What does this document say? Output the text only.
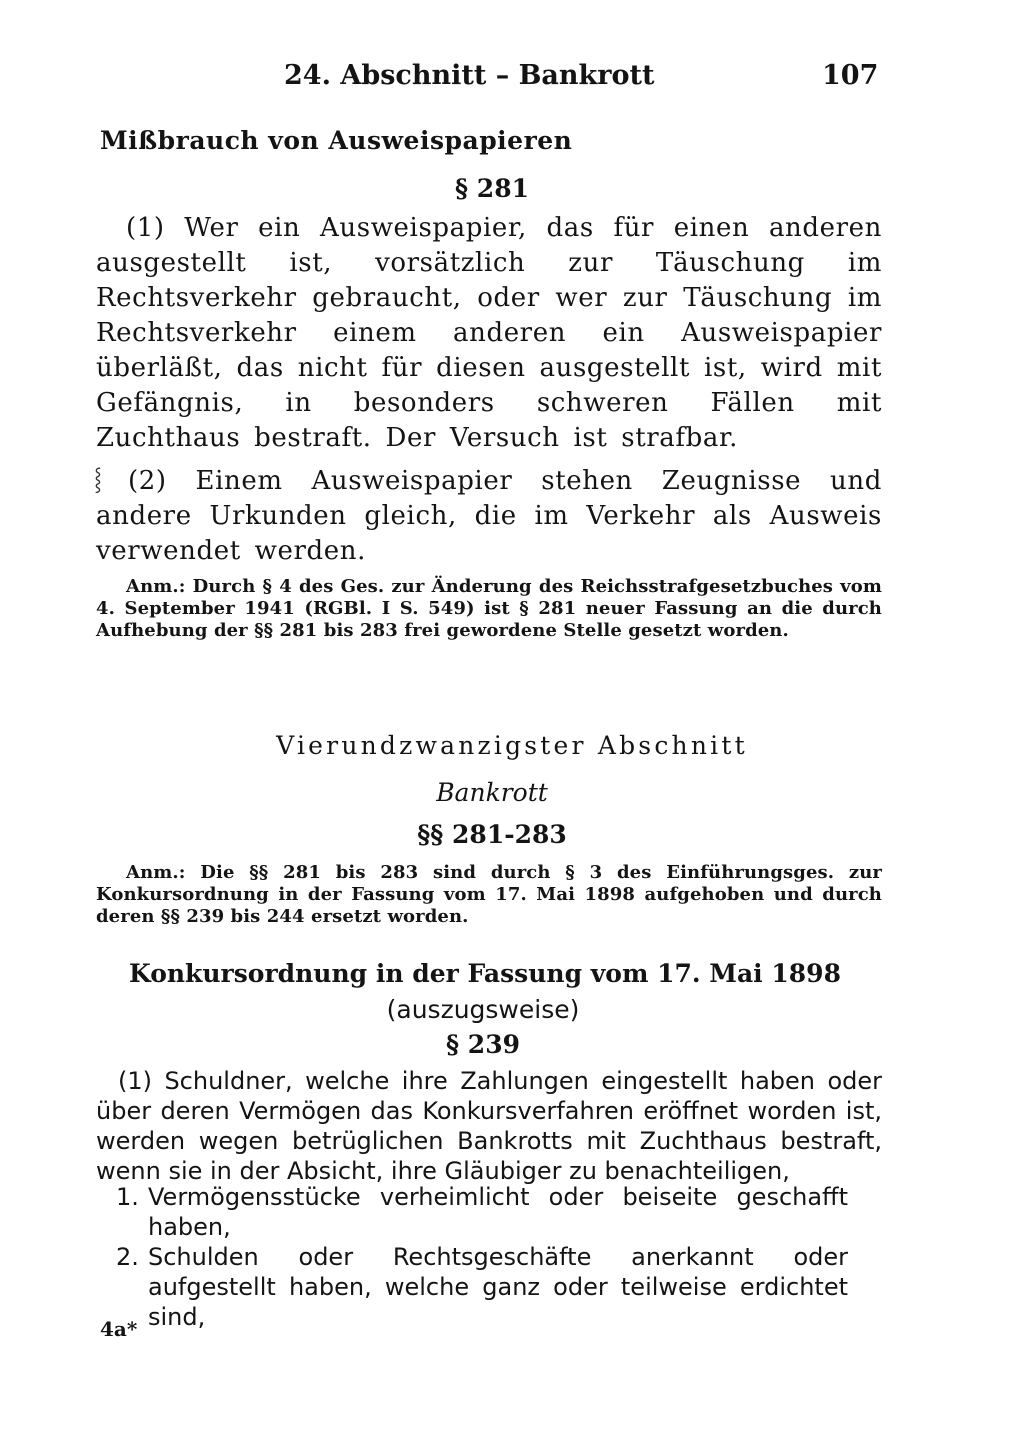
24. Abschnitt – Bankrott	107
Mißbrauch von Ausweispapieren
§ 281
(1) Wer ein Ausweispapier, das für einen anderen ausgestellt ist, vorsätzlich zur Täuschung im Rechtsverkehr gebraucht, oder wer zur Täuschung im Rechtsverkehr einem anderen ein Ausweispapier überläßt, das nicht für diesen ausgestellt ist, wird mit Gefängnis, in besonders schweren Fällen mit Zuchthaus bestraft. Der Versuch ist strafbar.
⸾	(2) Einem Ausweispapier stehen Zeugnisse und andere Urkunden gleich, die im Verkehr als Ausweis verwendet werden.
Anm.: Durch § 4 des Ges. zur Änderung des Reichsstrafgesetzbuches vom 4. September 1941 (RGBl. I S. 549) ist § 281 neuer Fassung an die durch Aufhebung der §§ 281 bis 283 frei gewordene Stelle gesetzt worden.
Vierundzwanzigster Abschnitt
Bankrott
§§ 281-283
Anm.: Die §§ 281 bis 283 sind durch § 3 des Einführungsges. zur Konkursordnung in der Fassung vom 17. Mai 1898 aufgehoben und durch deren §§ 239 bis 244 ersetzt worden.
Konkursordnung in der Fassung vom 17. Mai 1898
(auszugsweise)
§ 239
(1) Schuldner, welche ihre Zahlungen eingestellt haben oder über deren Vermögen das Konkursverfahren eröffnet worden ist, werden wegen betrüglichen Bankrotts mit Zuchthaus bestraft, wenn sie in der Absicht, ihre Gläubiger zu benachteiligen,
1. Vermögensstücke verheimlicht oder beiseite geschafft haben,
2. Schulden oder Rechtsgeschäfte anerkannt oder aufgestellt haben, welche ganz oder teilweise erdichtet sind,
4a*
